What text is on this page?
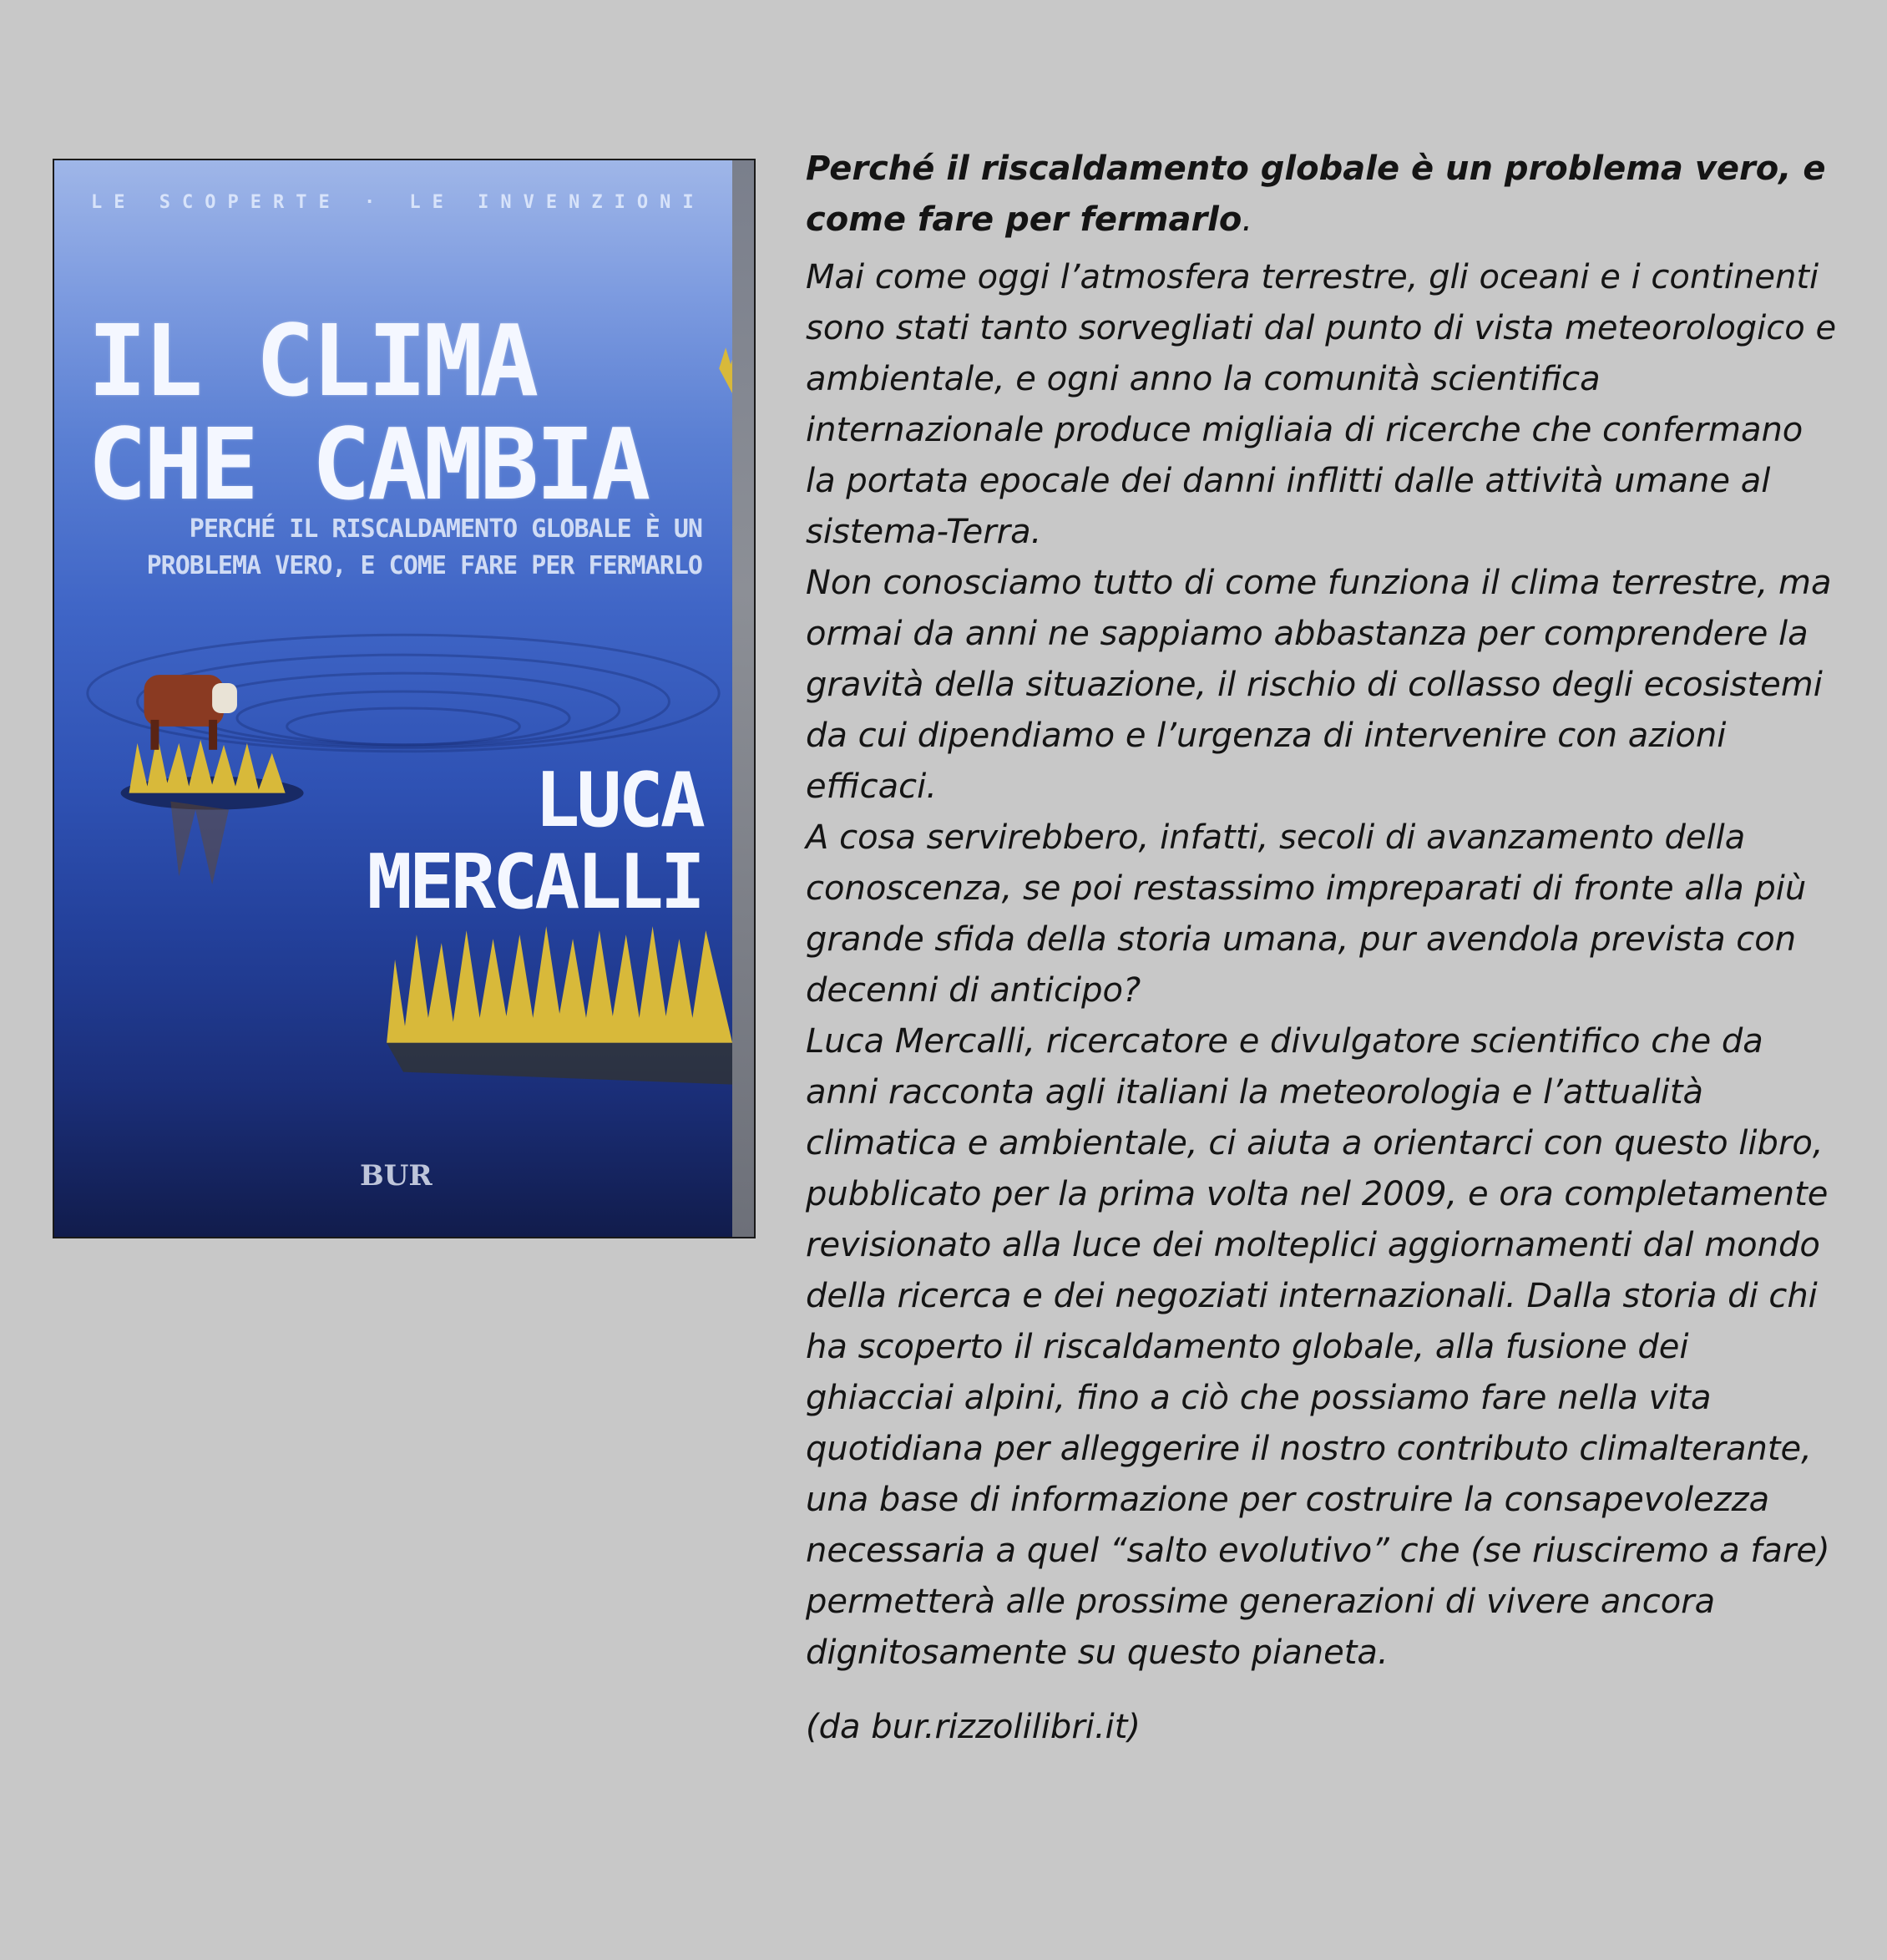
LE SCOPERTE · LE INVENZIONI
IL CLIMA
CHE CAMBIA
PERCHÉ IL RISCALDAMENTO GLOBALE È UN PROBLEMA VERO, E COME FARE PER FERMARLO
LUCA
MERCALLI
BUR

Perché il riscaldamento globale è un problema vero, e come fare per fermarlo.

Mai come oggi l’atmosfera terrestre, gli oceani e i continenti sono stati tanto sorvegliati dal punto di vista meteorologico e ambientale, e ogni anno la comunità scientifica internazionale produce migliaia di ricerche che confermano la portata epocale dei danni inflitti dalle attività umane al sistema-Terra.

Non conosciamo tutto di come funziona il clima terrestre, ma ormai da anni ne sappiamo abbastanza per comprendere la gravità della situazione, il rischio di collasso degli ecosistemi da cui dipendiamo e l’urgenza di intervenire con azioni efficaci.

A cosa servirebbero, infatti, secoli di avanzamento della conoscenza, se poi restassimo impreparati di fronte alla più grande sfida della storia umana, pur avendola prevista con decenni di anticipo?

Luca Mercalli, ricercatore e divulgatore scientifico che da anni racconta agli italiani la meteorologia e l’attualità climatica e ambientale, ci aiuta a orientarci con questo libro, pubblicato per la prima volta nel 2009, e ora completamente revisionato alla luce dei molteplici aggiornamenti dal mondo della ricerca e dei negoziati internazionali. Dalla storia di chi ha scoperto il riscaldamento globale, alla fusione dei ghiacciai alpini, fino a ciò che possiamo fare nella vita quotidiana per alleggerire il nostro contributo climalterante, una base di informazione per costruire la consapevolezza necessaria a quel “salto evolutivo” che (se riusciremo a fare) permetterà alle prossime generazioni di vivere ancora dignitosamente su questo pianeta.

(da bur.rizzolilibri.it)
